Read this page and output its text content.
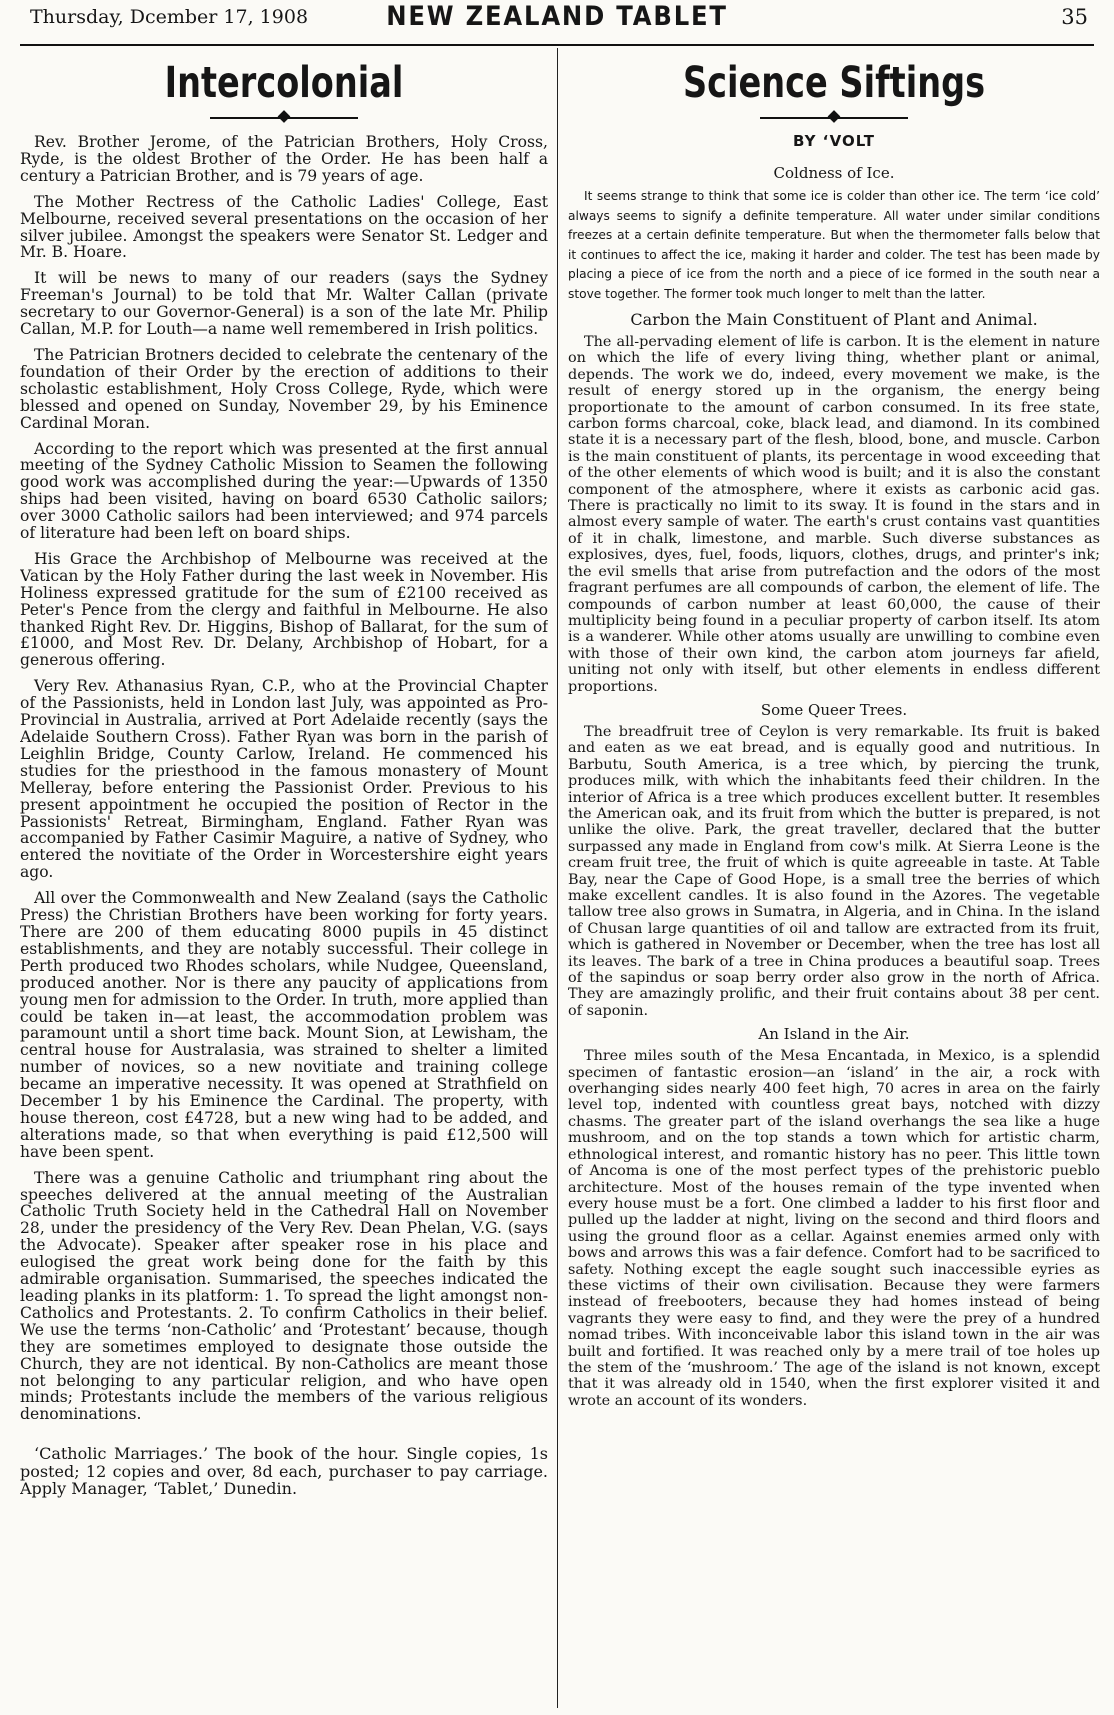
Thursday, Dcember 17, 1908	NEW ZEALAND TABLET	35
Intercolonial

Rev. Brother Jerome, of the Patrician Brothers, Holy Cross, Ryde, is the oldest Brother of the Order. He has been half a century a Patrician Brother, and is 79 years of age.

The Mother Rectress of the Catholic Ladies' College, East Melbourne, received several presentations on the occasion of her silver jubilee. Amongst the speakers were Senator St. Ledger and Mr. B. Hoare.

It will be news to many of our readers (says the Sydney Freeman's Journal) to be told that Mr. Walter Callan (private secretary to our Governor-General) is a son of the late Mr. Philip Callan, M.P. for Louth—a name well remembered in Irish politics.

The Patrician Brotners decided to celebrate the centenary of the foundation of their Order by the erection of additions to their scholastic establishment, Holy Cross College, Ryde, which were blessed and opened on Sunday, November 29, by his Eminence Cardinal Moran.

According to the report which was presented at the first annual meeting of the Sydney Catholic Mission to Seamen the following good work was accomplished during the year:—Upwards of 1350 ships had been visited, having on board 6530 Catholic sailors; over 3000 Catholic sailors had been interviewed; and 974 parcels of literature had been left on board ships.

His Grace the Archbishop of Melbourne was received at the Vatican by the Holy Father during the last week in November. His Holiness expressed gratitude for the sum of £2100 received as Peter's Pence from the clergy and faithful in Melbourne. He also thanked Right Rev. Dr. Higgins, Bishop of Ballarat, for the sum of £1000, and Most Rev. Dr. Delany, Archbishop of Hobart, for a generous offering.

Very Rev. Athanasius Ryan, C.P., who at the Provincial Chapter of the Passionists, held in London last July, was appointed as Pro-Provincial in Australia, arrived at Port Adelaide recently (says the Adelaide Southern Cross). Father Ryan was born in the parish of Leighlin Bridge, County Carlow, Ireland. He commenced his studies for the priesthood in the famous monastery of Mount Melleray, before entering the Passionist Order. Previous to his present appointment he occupied the position of Rector in the Passionists' Retreat, Birmingham, England. Father Ryan was accompanied by Father Casimir Maguire, a native of Sydney, who entered the novitiate of the Order in Worcestershire eight years ago.

All over the Commonwealth and New Zealand (says the Catholic Press) the Christian Brothers have been working for forty years. There are 200 of them educating 8000 pupils in 45 distinct establishments, and they are notably successful. Their college in Perth produced two Rhodes scholars, while Nudgee, Queensland, produced another. Nor is there any paucity of applications from young men for admission to the Order. In truth, more applied than could be taken in—at least, the accommodation problem was paramount until a short time back. Mount Sion, at Lewisham, the central house for Australasia, was strained to shelter a limited number of novices, so a new novitiate and training college became an imperative necessity. It was opened at Strathfield on December 1 by his Eminence the Cardinal. The property, with house thereon, cost £4728, but a new wing had to be added, and alterations made, so that when everything is paid £12,500 will have been spent.

There was a genuine Catholic and triumphant ring about the speeches delivered at the annual meeting of the Australian Catholic Truth Society held in the Cathedral Hall on November 28, under the presidency of the Very Rev. Dean Phelan, V.G. (says the Advocate). Speaker after speaker rose in his place and eulogised the great work being done for the faith by this admirable organisation. Summarised, the speeches indicated the leading planks in its platform: 1. To spread the light amongst non-Catholics and Protestants. 2. To confirm Catholics in their belief. We use the terms ‘non-Catholic’ and ‘Protestant’ because, though they are sometimes employed to designate those outside the Church, they are not identical. By non-Catholics are meant those not belonging to any particular religion, and who have open minds; Protestants include the members of the various religious denominations.

‘Catholic Marriages.’ The book of the hour. Single copies, 1s posted; 12 copies and over, 8d each, purchaser to pay carriage. Apply Manager, ‘Tablet,’ Dunedin.

Science Siftings
BY ‘VOLT
Coldness of Ice.

It seems strange to think that some ice is colder than other ice. The term ‘ice cold’ always seems to signify a definite temperature. All water under similar conditions freezes at a certain definite temperature. But when the thermometer falls below that it continues to affect the ice, making it harder and colder. The test has been made by placing a piece of ice from the north and a piece of ice formed in the south near a stove together. The former took much longer to melt than the latter.

Carbon the Main Constituent of Plant and Animal.

The all-pervading element of life is carbon. It is the element in nature on which the life of every living thing, whether plant or animal, depends. The work we do, indeed, every movement we make, is the result of energy stored up in the organism, the energy being proportionate to the amount of carbon consumed. In its free state, carbon forms charcoal, coke, black lead, and diamond. In its combined state it is a necessary part of the flesh, blood, bone, and muscle. Carbon is the main constituent of plants, its percentage in wood exceeding that of the other elements of which wood is built; and it is also the constant component of the atmosphere, where it exists as carbonic acid gas. There is practically no limit to its sway. It is found in the stars and in almost every sample of water. The earth's crust contains vast quantities of it in chalk, limestone, and marble. Such diverse substances as explosives, dyes, fuel, foods, liquors, clothes, drugs, and printer's ink; the evil smells that arise from putrefaction and the odors of the most fragrant perfumes are all compounds of carbon, the element of life. The compounds of carbon number at least 60,000, the cause of their multiplicity being found in a peculiar property of carbon itself. Its atom is a wanderer. While other atoms usually are unwilling to combine even with those of their own kind, the carbon atom journeys far afield, uniting not only with itself, but other elements in endless different proportions.

Some Queer Trees.

The breadfruit tree of Ceylon is very remarkable. Its fruit is baked and eaten as we eat bread, and is equally good and nutritious. In Barbutu, South America, is a tree which, by piercing the trunk, produces milk, with which the inhabitants feed their children. In the interior of Africa is a tree which produces excellent butter. It resembles the American oak, and its fruit from which the butter is prepared, is not unlike the olive. Park, the great traveller, declared that the butter surpassed any made in England from cow's milk. At Sierra Leone is the cream fruit tree, the fruit of which is quite agreeable in taste. At Table Bay, near the Cape of Good Hope, is a small tree the berries of which make excellent candles. It is also found in the Azores. The vegetable tallow tree also grows in Sumatra, in Algeria, and in China. In the island of Chusan large quantities of oil and tallow are extracted from its fruit, which is gathered in November or December, when the tree has lost all its leaves. The bark of a tree in China produces a beautiful soap. Trees of the sapindus or soap berry order also grow in the north of Africa. They are amazingly prolific, and their fruit contains about 38 per cent. of saponin.

An Island in the Air.

Three miles south of the Mesa Encantada, in Mexico, is a splendid specimen of fantastic erosion—an ‘island’ in the air, a rock with overhanging sides nearly 400 feet high, 70 acres in area on the fairly level top, indented with countless great bays, notched with dizzy chasms. The greater part of the island overhangs the sea like a huge mushroom, and on the top stands a town which for artistic charm, ethnological interest, and romantic history has no peer. This little town of Ancoma is one of the most perfect types of the prehistoric pueblo architecture. Most of the houses remain of the type invented when every house must be a fort. One climbed a ladder to his first floor and pulled up the ladder at night, living on the second and third floors and using the ground floor as a cellar. Against enemies armed only with bows and arrows this was a fair defence. Comfort had to be sacrificed to safety. Nothing except the eagle sought such inaccessible eyries as these victims of their own civilisation. Because they were farmers instead of freebooters, because they had homes instead of being vagrants they were easy to find, and they were the prey of a hundred nomad tribes. With inconceivable labor this island town in the air was built and fortified. It was reached only by a mere trail of toe holes up the stem of the ‘mushroom.’ The age of the island is not known, except that it was already old in 1540, when the first explorer visited it and wrote an account of its wonders.
